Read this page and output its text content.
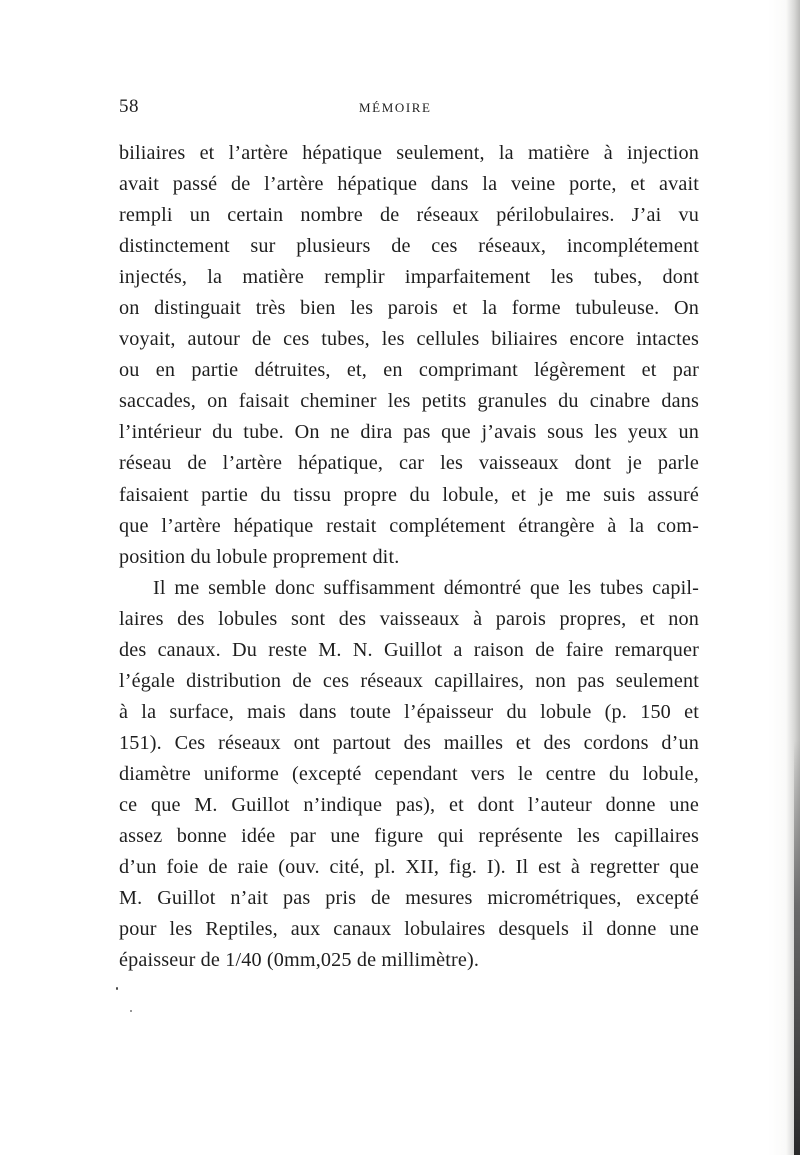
58	MÉMOIRE
biliaires et l’artère hépatique seulement, la matière à injection
avait passé de l’artère hépatique dans la veine porte, et avait
rempli un certain nombre de réseaux périlobulaires. J’ai vu
distinctement sur plusieurs de ces réseaux, incomplétement
injectés, la matière remplir imparfaitement les tubes, dont
on distinguait très bien les parois et la forme tubuleuse. On
voyait, autour de ces tubes, les cellules biliaires encore intactes
ou en partie détruites, et, en comprimant légèrement et par
saccades, on faisait cheminer les petits granules du cinabre dans
l’intérieur du tube. On ne dira pas que j’avais sous les yeux un
réseau de l’artère hépatique, car les vaisseaux dont je parle
faisaient partie du tissu propre du lobule, et je me suis assuré
que l’artère hépatique restait complétement étrangère à la com-
position du lobule proprement dit.
Il me semble donc suffisamment démontré que les tubes capil-
laires des lobules sont des vaisseaux à parois propres, et non
des canaux. Du reste M. N. Guillot a raison de faire remarquer
l’égale distribution de ces réseaux capillaires, non pas seulement
à la surface, mais dans toute l’épaisseur du lobule (p. 150 et
151). Ces réseaux ont partout des mailles et des cordons d’un
diamètre uniforme (excepté cependant vers le centre du lobule,
ce que M. Guillot n’indique pas), et dont l’auteur donne une
assez bonne idée par une figure qui représente les capillaires
d’un foie de raie (ouv. cité, pl. XII, fig. I). Il est à regretter que
M. Guillot n’ait pas pris de mesures micrométriques, excepté
pour les Reptiles, aux canaux lobulaires desquels il donne une
épaisseur de 1/40 (0mm,025 de millimètre).
